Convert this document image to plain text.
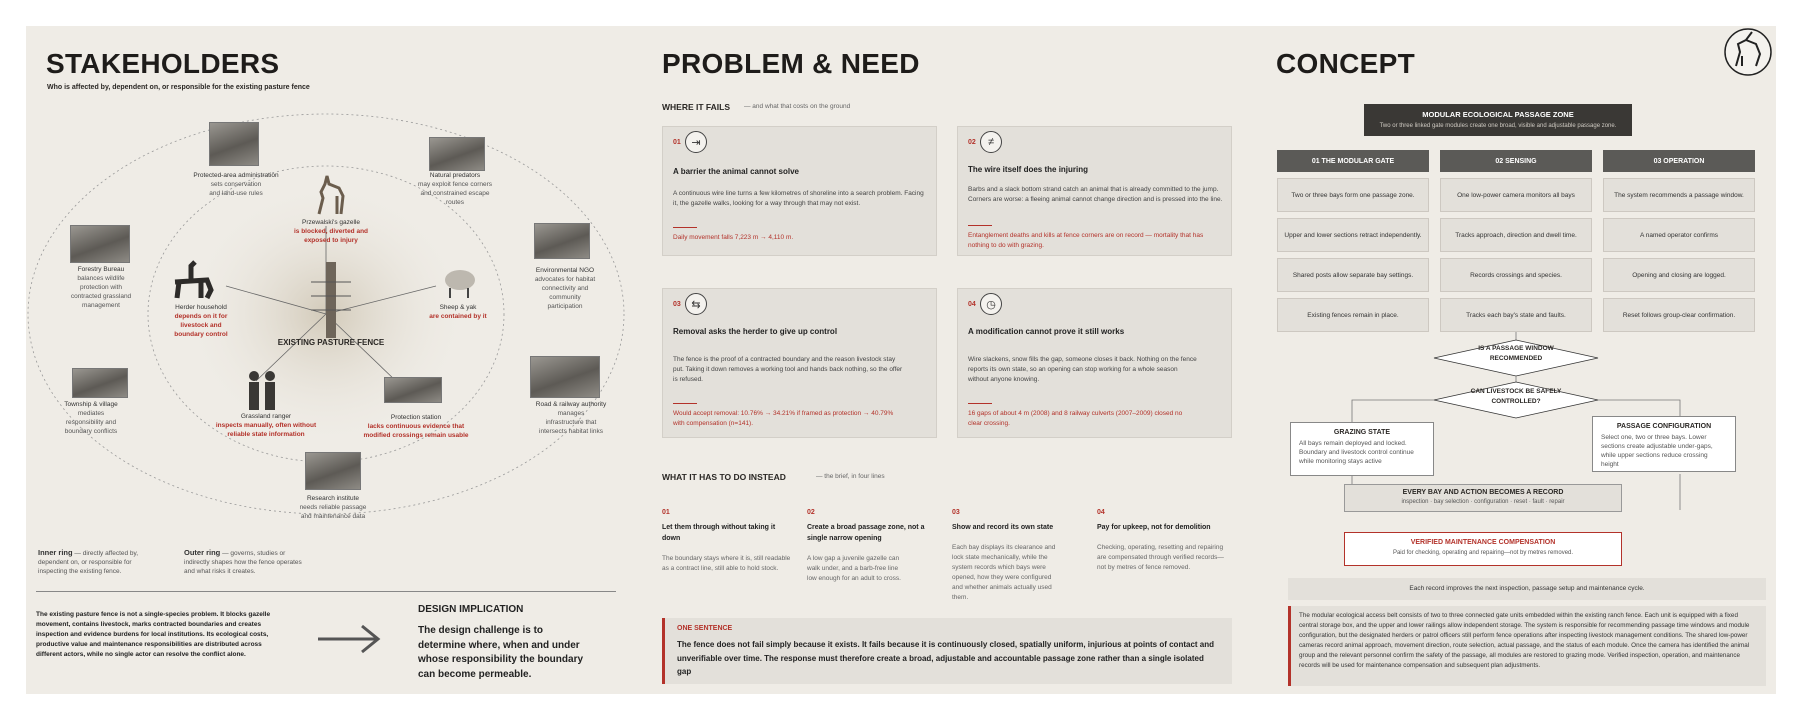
STAKEHOLDERS
Who is affected by, dependent on, or responsible for the existing pasture fence
EXISTING PASTURE FENCE
Protected-area administration
sets conservation
and land-use rules
Natural predators
may exploit fence corners
and constrained escape
routes
Przewalski's gazelle
is blocked, diverted and
exposed to injury
Forestry Bureau
balances wildlife
protection with
contracted grassland
management
Environmental NGO
advocates for habitat
connectivity and
community
participation
Herder household
depends on it for
livestock and
boundary control
Sheep & yak
are contained by it
Township & village
mediates
responsibility and
boundary conflicts
Road & railway authority
manages
infrastructure that
intersects habitat links
Grassland ranger
inspects manually, often without
reliable state information
Protection station
lacks continuous evidence that
modified crossings remain usable
Research institute
needs reliable passage
and maintenance data
Inner ring — directly affected by, dependent on, or responsible for inspecting the existing fence.
Outer ring — governs, studies or indirectly shapes how the fence operates and what risks it creates.
The existing pasture fence is not a single-species problem. It blocks gazelle movement, contains livestock, marks contracted boundaries and creates inspection and evidence burdens for local institutions. Its ecological costs, productive value and maintenance responsibilities are distributed across different actors, while no single actor can resolve the conflict alone.
DESIGN IMPLICATION
The design challenge is to determine where, when and under whose responsibility the boundary can become permeable.
PROBLEM & NEED
WHERE IT FAILS — and what that costs on the ground
01 ⇥
A barrier the animal cannot solve
A continuous wire line turns a few kilometres of shoreline into a search problem. Facing it, the gazelle walks, looking for a way through that may not exist.
Daily movement falls 7,223 m → 4,110 m.
02	≠
The wire itself does the injuring
Barbs and a slack bottom strand catch an animal that is already committed to the jump. Corners are worse: a fleeing animal cannot change direction and is pressed into the line.
Entanglement deaths and kills at fence corners are on record — mortality that has nothing to do with grazing.
03 ⇆
Removal asks the herder to give up control
The fence is the proof of a contracted boundary and the reason livestock stay put. Taking it down removes a working tool and hands back nothing, so the offer is refused.
Would accept removal: 10.76% → 34.21% if framed as protection → 40.79% with compensation (n=141).
04 ◷
A modification cannot prove it still works
Wire slackens, snow fills the gap, someone closes it back. Nothing on the fence reports its own state, so an opening can stop working for a whole season without anyone knowing.
16 gaps of about 4 m (2008) and 8 railway culverts (2007–2009) closed no clear crossing.
WHAT IT HAS TO DO INSTEAD	— the brief, in four lines
01
Let them through without taking it down
The boundary stays where it is, still readable as a contract line, still able to hold stock.
02
Create a broad passage zone, not a single narrow opening
A low gap a juvenile gazelle can walk under, and a barb-free line low enough for an adult to cross.
03
Show and record its own state
Each bay displays its clearance and lock state mechanically, while the system records which bays were opened, how they were configured and whether animals actually used them.
04
Pay for upkeep, not for demolition
Checking, operating, resetting and repairing are compensated through verified records—not by metres of fence removed.
ONE SENTENCE
The fence does not fail simply because it exists. It fails because it is continuously closed, spatially uniform, injurious at points of contact and unverifiable over time. The response must therefore create a broad, adjustable and accountable passage zone rather than a single isolated gap
CONCEPT
MODULAR ECOLOGICAL PASSAGE ZONE
Two or three linked gate modules create one broad, visible and adjustable passage zone.
01 THE MODULAR GATE	02 SENSING	03 OPERATION
Two or three bays form one passage zone.
Upper and lower sections retract independently.
Shared posts allow separate bay settings.
Existing fences remain in place.
One low-power camera monitors all bays
Tracks approach, direction and dwell time.
Records crossings and species.
Tracks each bay's state and faults.
The system recommends a passage window.
A named operator confirms
Opening and closing are logged.
Reset follows group-clear confirmation.
IS A PASSAGE WINDOW RECOMMENDED
CAN LIVESTOCK BE SAFELY CONTROLLED?
GRAZING STATE
All bays remain deployed and locked. Boundary and livestock control continue while monitoring stays active
PASSAGE CONFIGURATION
Select one, two or three bays. Lower sections create adjustable under-gaps, while upper sections reduce crossing height
EVERY BAY AND ACTION BECOMES A RECORD
inspection · bay selection · configuration · reset · fault · repair
VERIFIED MAINTENANCE COMPENSATION
Paid for checking, operating and repairing—not by metres removed.
Each record improves the next inspection, passage setup and maintenance cycle.
The modular ecological access belt consists of two to three connected gate units embedded within the existing ranch fence. Each unit is equipped with a fixed central storage box, and the upper and lower railings allow independent storage. The system is responsible for recommending passage time windows and module configuration, but the designated herders or patrol officers still perform fence operations after inspecting livestock management conditions. The shared low-power cameras record animal approach, movement direction, route selection, actual passage, and the status of each module. Once the camera has identified the animal group and the relevant personnel confirm the safety of the passage, all modules are restored to grazing mode. Verified inspection, operation, and maintenance records will be used for maintenance compensation and subsequent plan adjustments.
